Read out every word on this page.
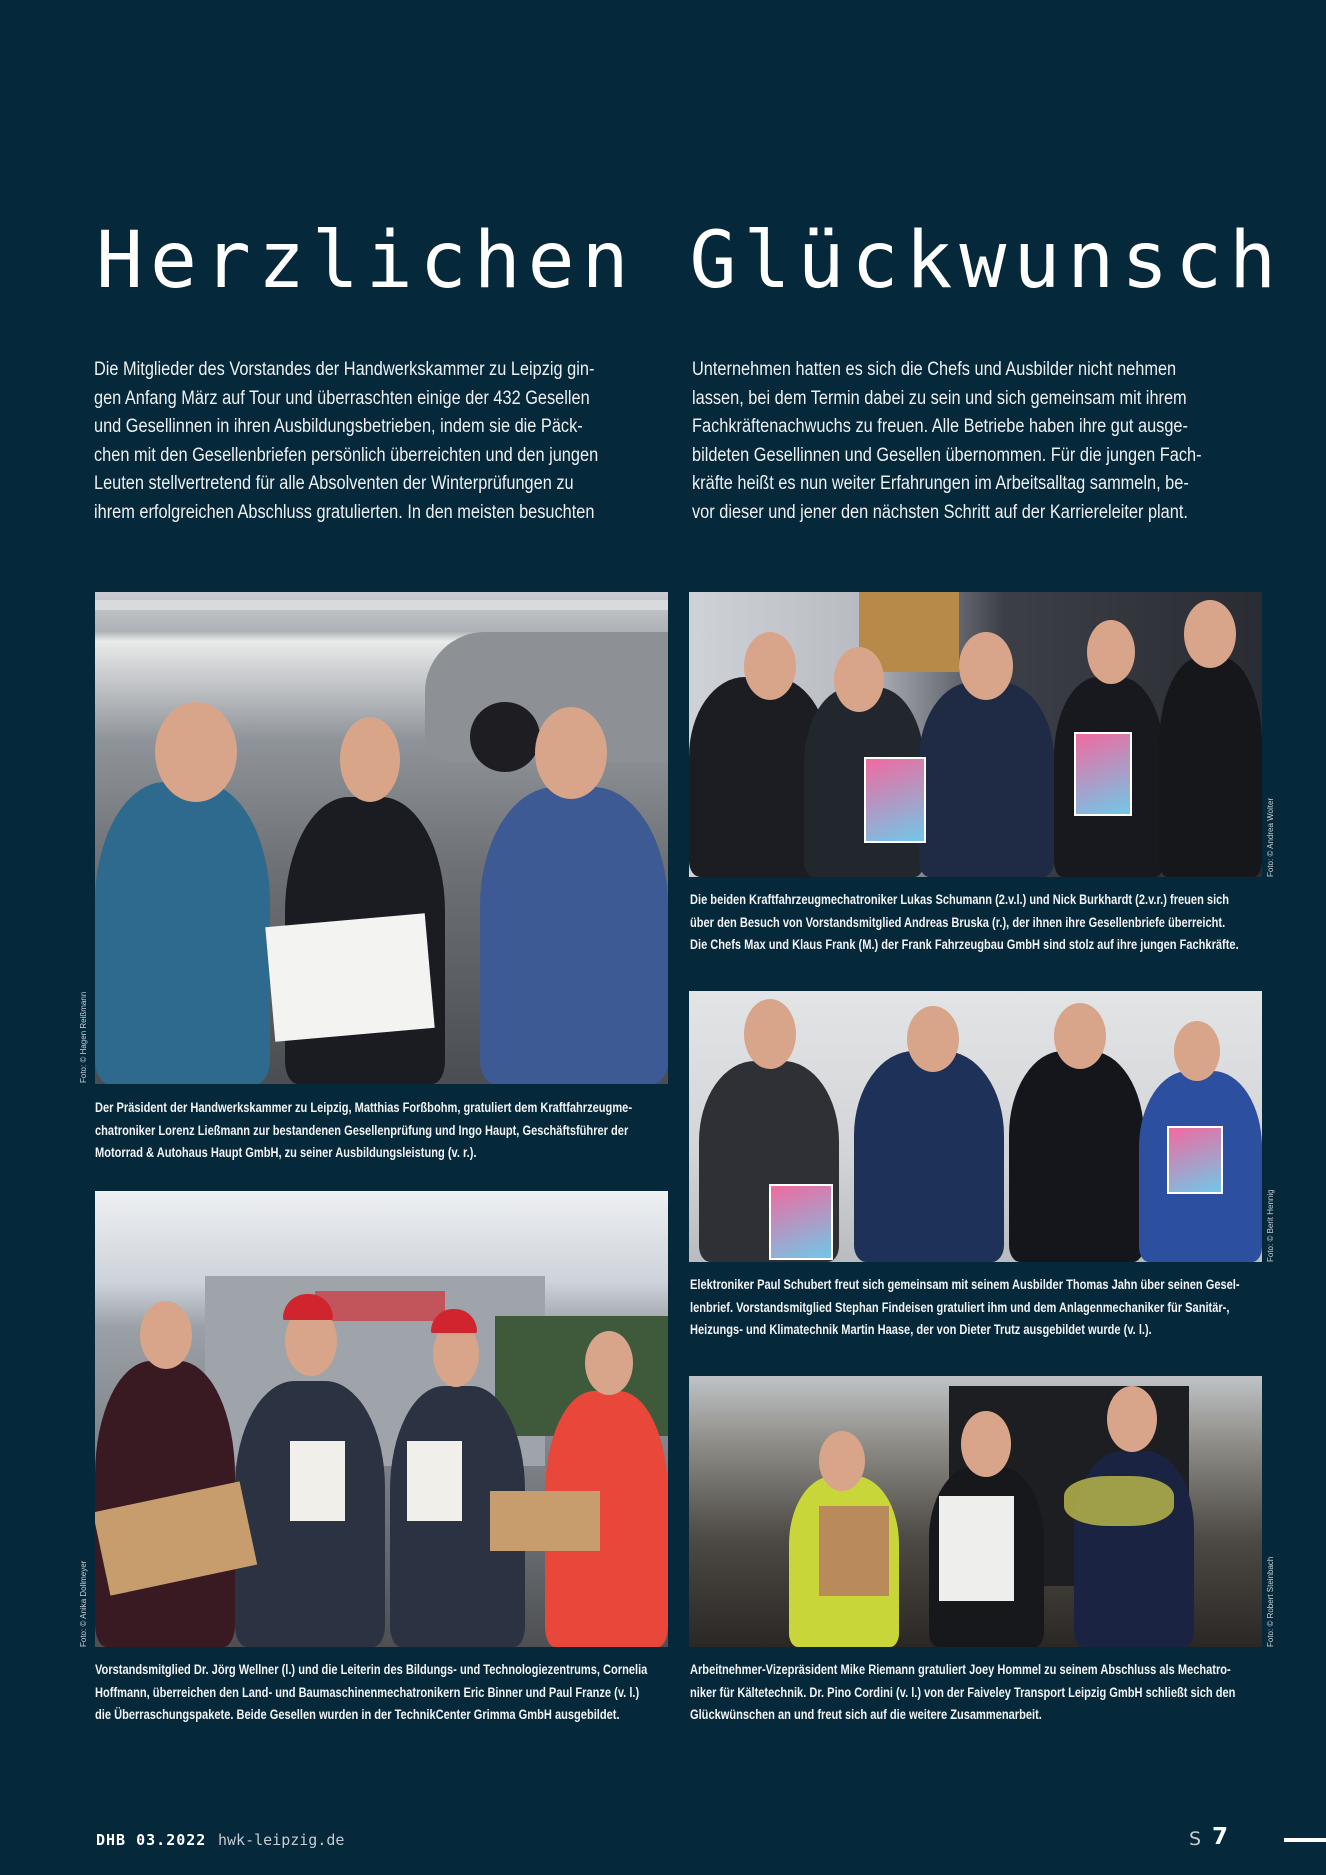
Herzlichen Glückwunsch
Die Mitglieder des Vorstandes der Handwerkskammer zu Leipzig gin-
gen Anfang März auf Tour und überraschten einige der 432 Gesellen
und Gesellinnen in ihren Ausbildungsbetrieben, indem sie die Päck-
chen mit den Gesellenbriefen persönlich überreichten und den jungen
Leuten stellvertretend für alle Absolventen der Winterprüfungen zu
ihrem erfolgreichen Abschluss gratulierten. In den meisten besuchten
Unternehmen hatten es sich die Chefs und Ausbilder nicht nehmen
lassen, bei dem Termin dabei zu sein und sich gemeinsam mit ihrem
Fachkräftenachwuchs zu freuen. Alle Betriebe haben ihre gut ausge-
bildeten Gesellinnen und Gesellen übernommen. Für die jungen Fach-
kräfte heißt es nun weiter Erfahrungen im Arbeitsalltag sammeln, be-
vor dieser und jener den nächsten Schritt auf der Karriereleiter plant.
Foto: © Hagen Reißmann
Der Präsident der Handwerkskammer zu Leipzig, Matthias Forßbohm, gratuliert dem Kraftfahrzeugme-
chatroniker Lorenz Ließmann zur bestandenen Gesellenprüfung und Ingo Haupt, Geschäftsführer der
Motorrad & Autohaus Haupt GmbH, zu seiner Ausbildungsleistung (v. r.).
Foto: © Andrea Wolter
Die beiden Kraftfahrzeugmechatroniker Lukas Schumann (2.v.l.) und Nick Burkhardt (2.v.r.) freuen sich
über den Besuch von Vorstandsmitglied Andreas Bruska (r.), der ihnen ihre Gesellenbriefe überreicht.
Die Chefs Max und Klaus Frank (M.) der Frank Fahrzeugbau GmbH sind stolz auf ihre jungen Fachkräfte.
Foto: © Berit Hennig
Elektroniker Paul Schubert freut sich gemeinsam mit seinem Ausbilder Thomas Jahn über seinen Gesel-
lenbrief. Vorstandsmitglied Stephan Findeisen gratuliert ihm und dem Anlagenmechaniker für Sanitär-,
Heizungs- und Klimatechnik Martin Haase, der von Dieter Trutz ausgebildet wurde (v. l.).
Foto: © Anika Dollmeyer
Vorstandsmitglied Dr. Jörg Wellner (l.) und die Leiterin des Bildungs- und Technologiezentrums, Cornelia
Hoffmann, überreichen den Land- und Baumaschinenmechatronikern Eric Binner und Paul Franze (v. l.)
die Überraschungspakete. Beide Gesellen wurden in der TechnikCenter Grimma GmbH ausgebildet.
Foto: © Robert Steinbach
Arbeitnehmer-Vizepräsident Mike Riemann gratuliert Joey Hommel zu seinem Abschluss als Mechatro-
niker für Kältetechnik. Dr. Pino Cordini (v. l.) von der Faiveley Transport Leipzig GmbH schließt sich den
Glückwünschen an und freut sich auf die weitere Zusammenarbeit.
DHB 03.2022 hwk-leipzig.de	S 7
